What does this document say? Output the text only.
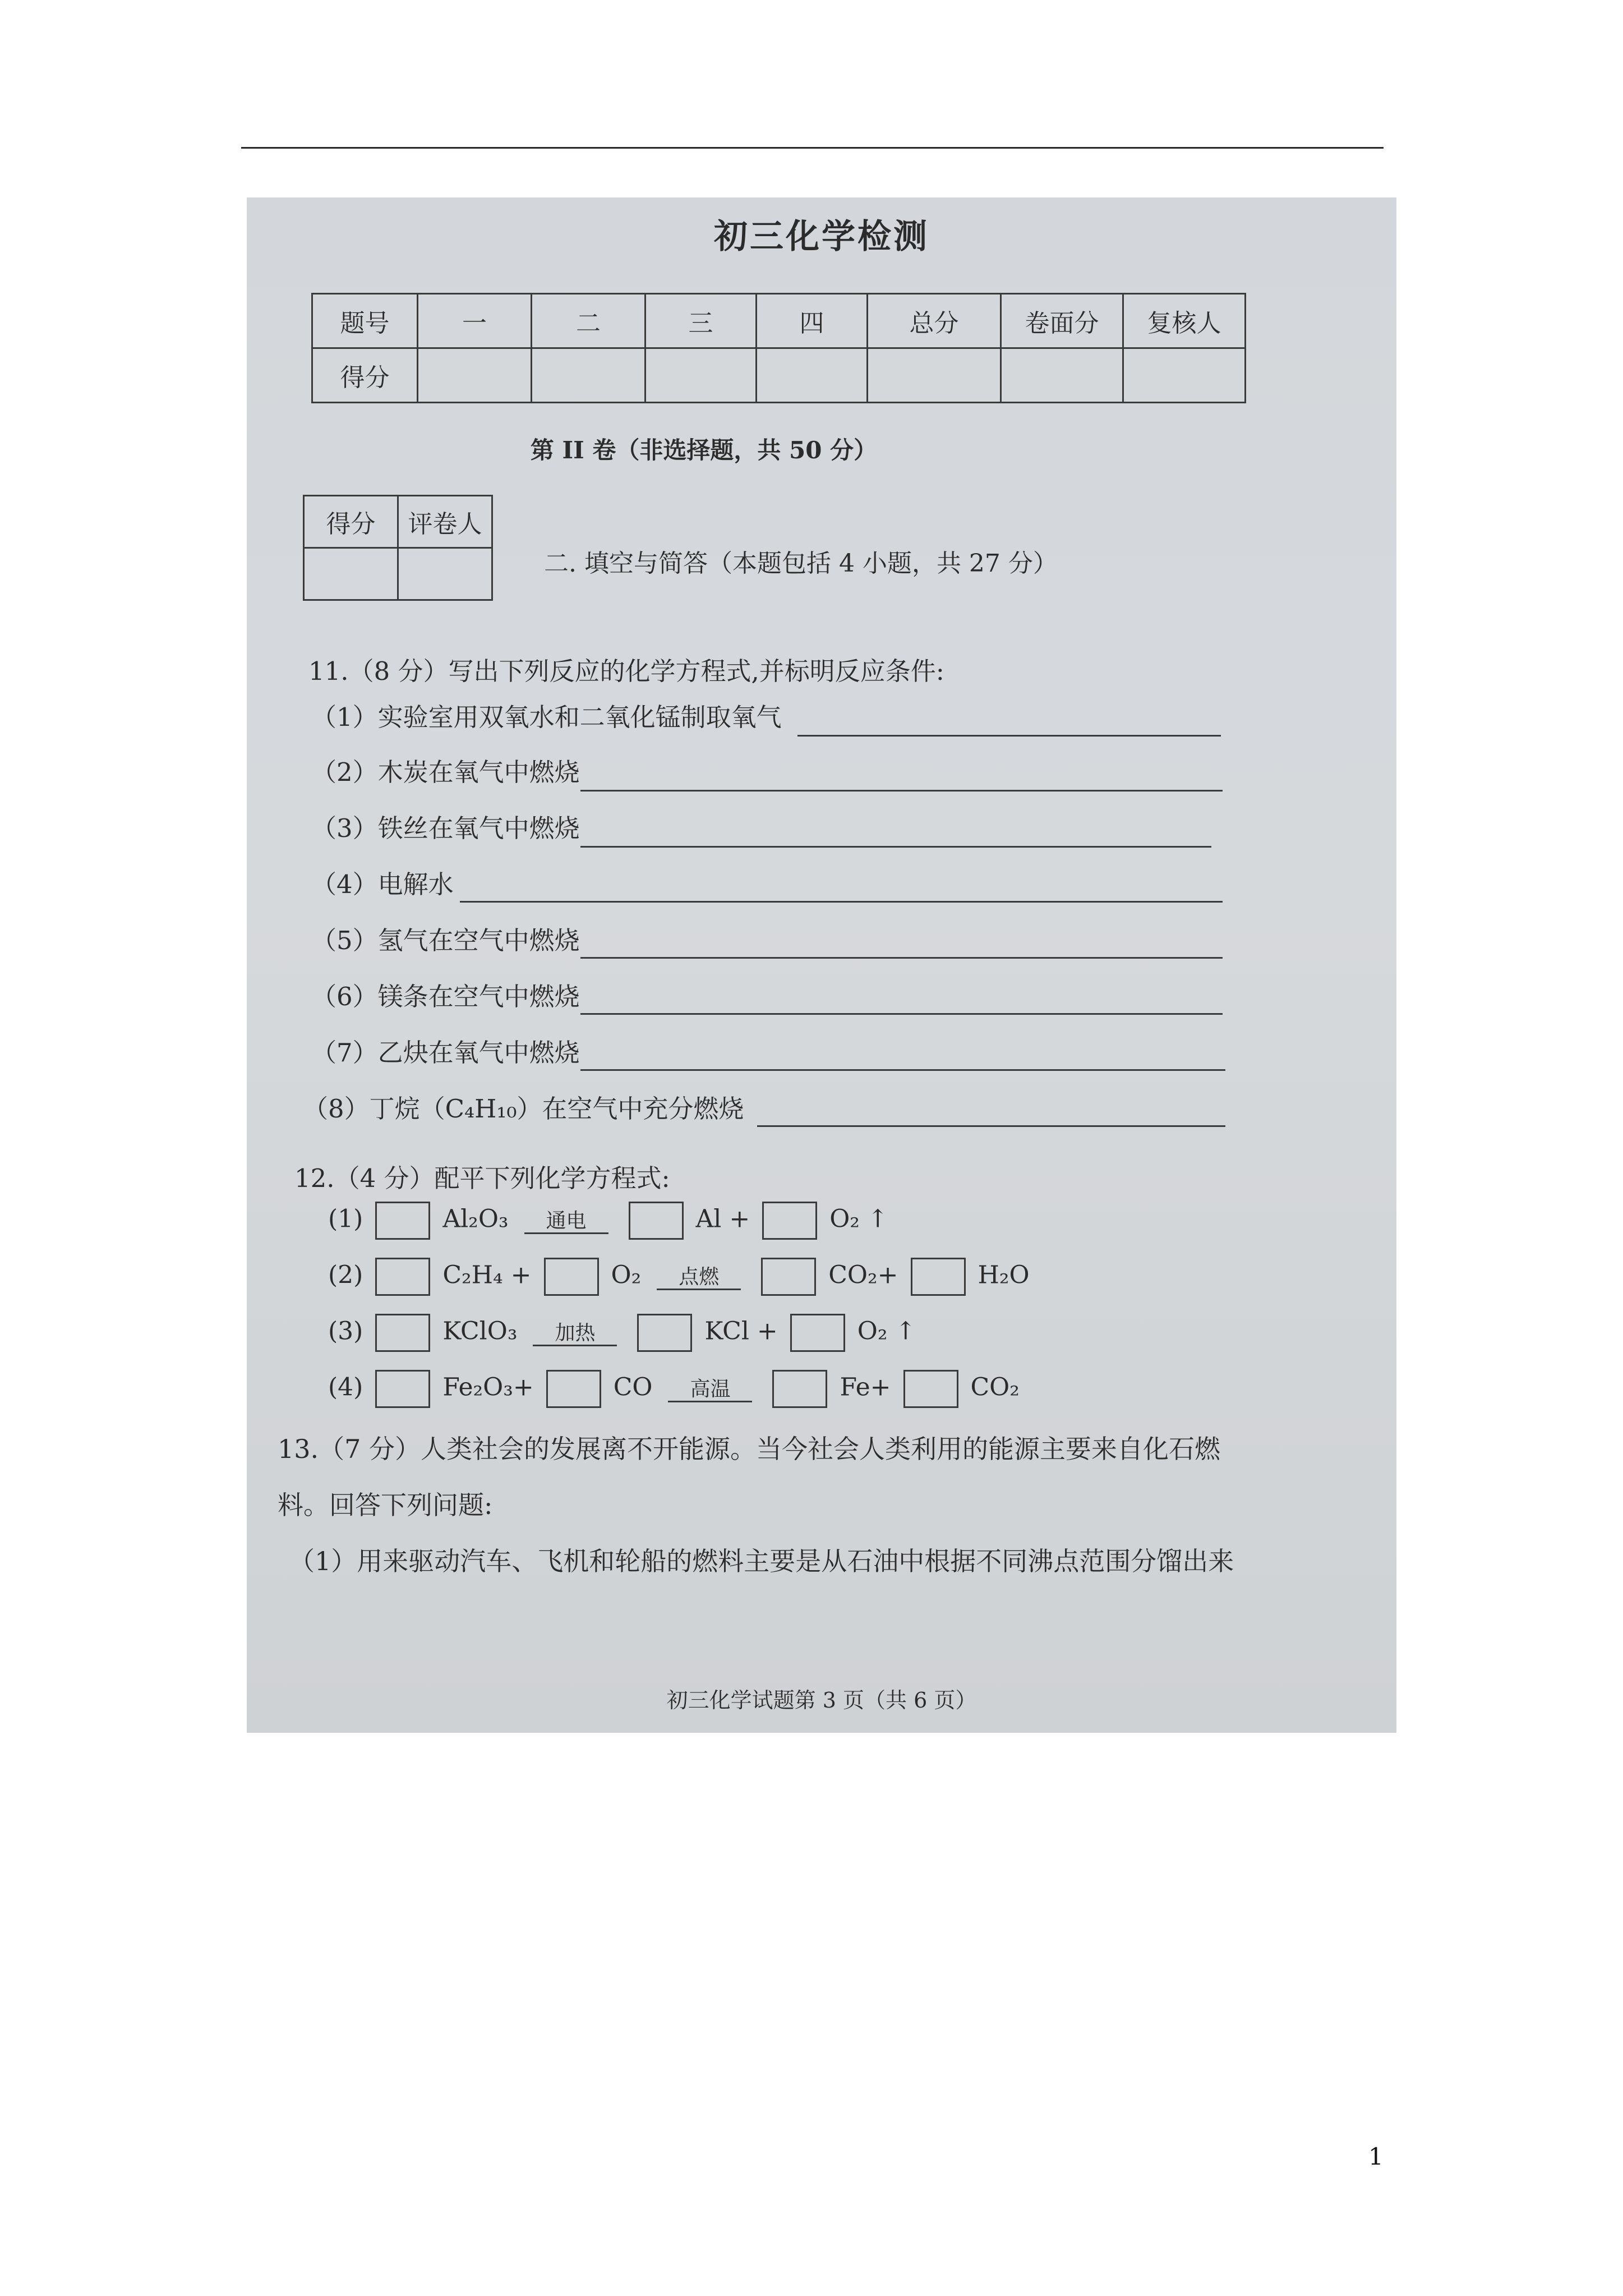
初三化学检测
题号	一	二	三	四	总分	卷面分	复核人
得分							
第 II 卷（非选择题，共 50 分）
得分	评卷人

二. 填空与简答（本题包括 4 小题，共 27 分）
11.（8 分）写出下列反应的化学方程式,并标明反应条件:
（1）实验室用双氧水和二氧化锰制取氧气
（2）木炭在氧气中燃烧
（3）铁丝在氧气中燃烧
（4）电解水
（5）氢气在空气中燃烧
（6）镁条在空气中燃烧
（7）乙炔在氧气中燃烧
（8）丁烷（C₄H₁₀）在空气中充分燃烧
12.（4 分）配平下列化学方程式:
(1)	Al₂O₃	通电	Al +	O₂ ↑
(2)	C₂H₄ +	O₂	点燃	CO₂+	H₂O
(3)	KClO₃	加热	KCl +	O₂ ↑
(4)	Fe₂O₃+	CO	高温	Fe+	CO₂
13.（7 分）人类社会的发展离不开能源。当今社会人类利用的能源主要来自化石燃
料。回答下列问题:
（1）用来驱动汽车、飞机和轮船的燃料主要是从石油中根据不同沸点范围分馏出来
初三化学试题第 3 页（共 6 页）
1
